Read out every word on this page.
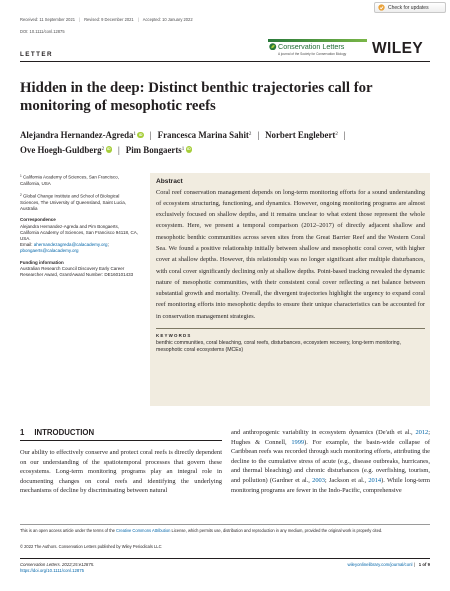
Received: 11 September 2021 | Revised: 9 December 2021 | Accepted: 10 January 2022
Check for updates
DOI: 10.1111/conl.12875
LETTER
Conservation Letters
A journal of the Society for Conservation Biology WILEY
Hidden in the deep: Distinct benthic trajectories call for monitoring of mesophotic reefs
Alejandra Hernandez-Agreda$^1$ iD | Francesca Marina Sahit$^2$ | Norbert Englebert$^2$ |
Ove Hoegh-Guldberg$^2$ iD | Pim Bongaerts$^1$iD
$^1$ California Academy of Sciences, San Francisco, California, USA
$^2$ Global Change Institute and School of Biological Sciences, The University of Queensland, Saint Lucia, Australia
Correspondence
Alejandra Hernandez-Agreda and Pim Bongaerts, California Academy of Sciences, San Francisco 94118, CA, USA.
Email: ahernandezagreda@calacademy.org; pbongaerts@calacademy.org
Funding information
Australian Research Council Discovery Early Career Researcher Award, Grant/Award Number: DE160101433
Abstract

Coral reef conservation management depends on long-term monitoring efforts for a sound understanding of ecosystem structuring, functioning, and dynamics. However, ongoing monitoring programs are almost exclusively focused on shallow depths, and it remains unclear to what extent those represent the whole ecosystem. Here, we present a temporal comparison (2012–2017) of directly adjacent shallow and mesophotic benthic communities across seven sites from the Great Barrier Reef and the Western Coral Sea. We found a positive relationship initially between shallow and mesophotic coral cover, with higher cover at shallow depths. However, this relationship was no longer significant after multiple disturbances, with coral cover significantly declining only at shallow depths. Point-based tracking revealed the dynamic nature of mesophotic communities, with their consistent coral cover reflecting a net balance between substantial growth and mortality. Overall, the divergent trajectories highlight the urgency to expand coral reef monitoring efforts into mesophotic depths to ensure their unique characteristics can be accounted for in conservation management strategies.

KEYWORDS
benthic communities, coral bleaching, coral reefs, disturbances, ecosystem recovery, long-term monitoring, mesophotic coral ecosystems (MCEs)
1 INTRODUCTION

Our ability to effectively conserve and protect coral reefs is directly dependent on our understanding of the spatiotemporal processes that govern these ecosystems. Long-term monitoring programs play an integral role in documenting changes on coral reefs and identifying the underlying mechanisms of decline by discriminating between natural

and anthropogenic variability in ecosystem dynamics (De'ath et al., 2012; Hughes & Connell, 1999). For example, the basin-wide collapse of Caribbean reefs was recorded through such monitoring efforts, attributing the decline to the cumulative stress of acute (e.g., disease outbreaks, hurricanes, and thermal bleaching) and chronic disturbances (e.g. overfishing, tourism, and pollution) (Gardner et al., 2003; Jackson et al., 2014). While long-term monitoring programs are fewer in the Indo-Pacific, comprehensive

This is an open access article under the terms of the Creative Commons Attribution License, which permits use, distribution and reproduction in any medium, provided the original work is properly cited.
© 2022 The Authors. Conservation Letters published by Wiley Periodicals LLC
Conservation Letters. 2022;15:e12875.
https://doi.org/10.1111/conl.12875
wileyonlinelibrary.com/journal/conl | 1 of 9
